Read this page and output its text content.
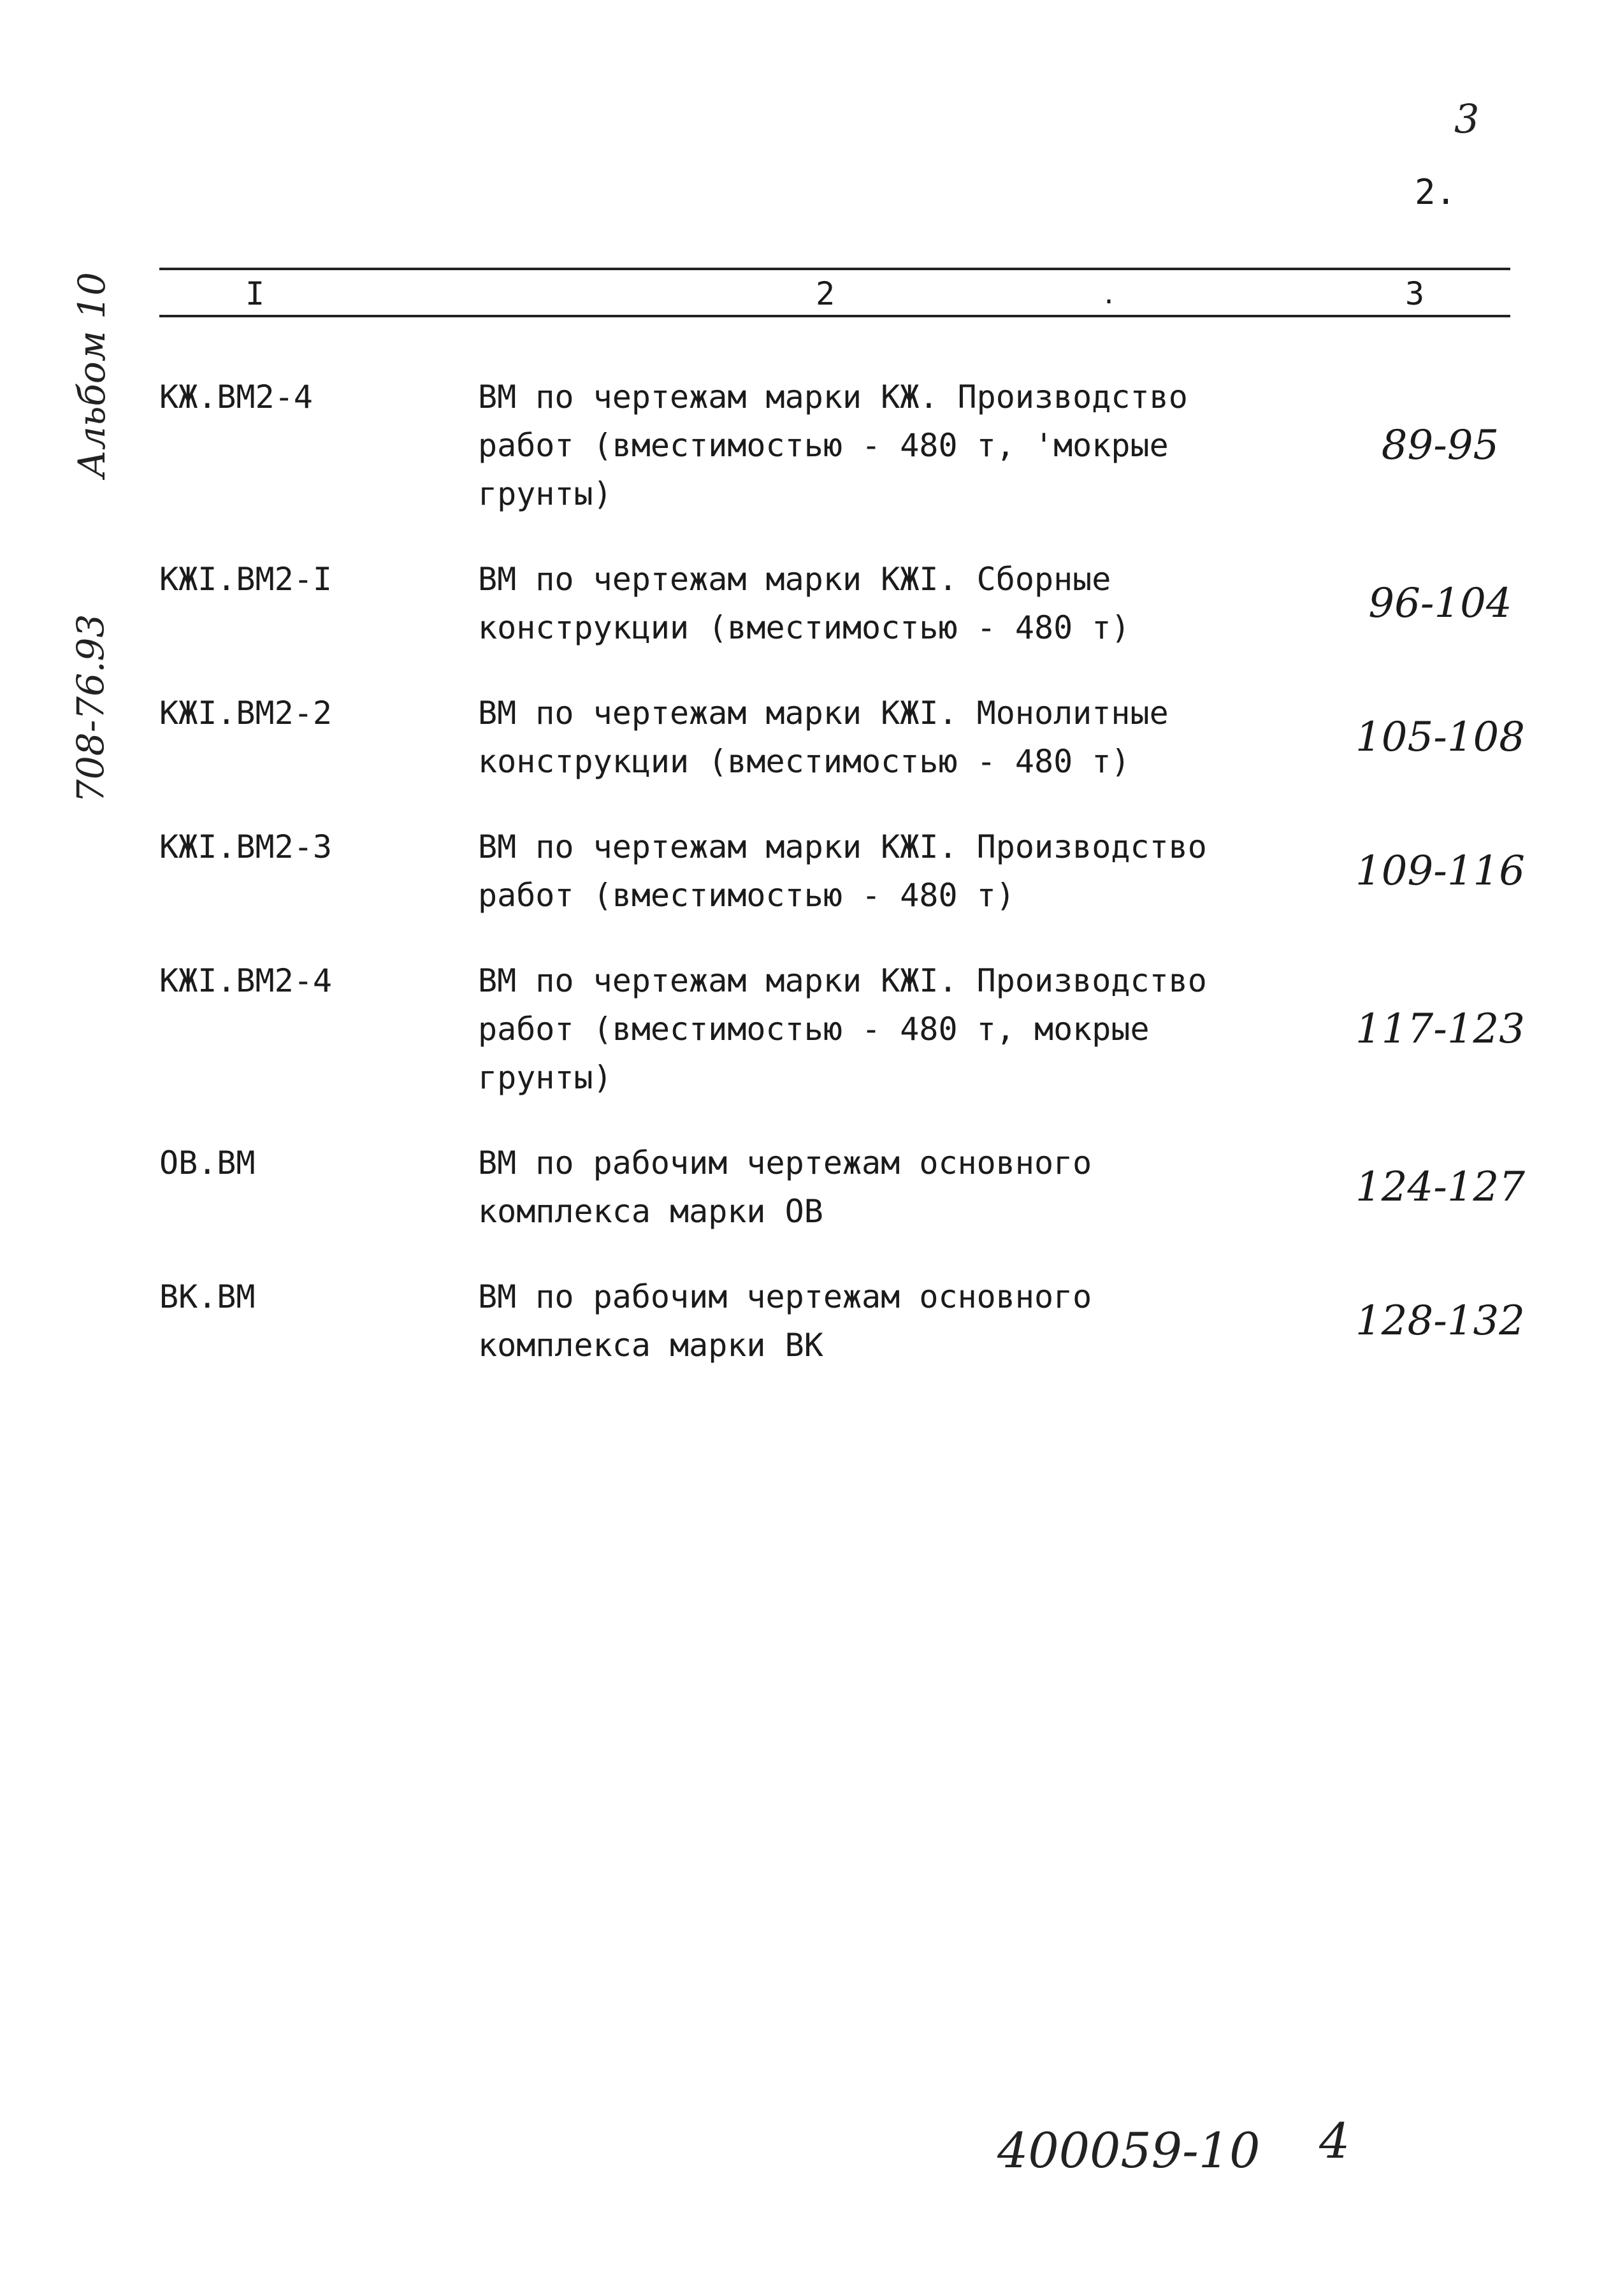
3
2.
Альбом 10
708-76.93
I	2	.	3
КЖ.ВМ2-4	ВМ по чертежам марки КЖ. Производство
работ (вместимостью - 480 т, 'мокрые
грунты)
89-95
КЖI.ВМ2-I	ВМ по чертежам марки КЖI. Сборные
конструкции (вместимостью - 480 т)
96-104
КЖI.ВМ2-2	ВМ по чертежам марки КЖI. Монолитные
конструкции (вместимостью - 480 т)
105-108
КЖI.ВМ2-3	ВМ по чертежам марки КЖI. Производство
работ (вместимостью - 480 т)
109-116
КЖI.ВМ2-4	ВМ по чертежам марки КЖI. Производство
работ (вместимостью - 480 т, мокрые
грунты)
117-123
ОВ.ВМ	ВМ по рабочим чертежам основного
комплекса марки ОВ
124-127
ВК.ВМ	ВМ по рабочим чертежам основного
комплекса марки ВК
128-132
400059-10 4
